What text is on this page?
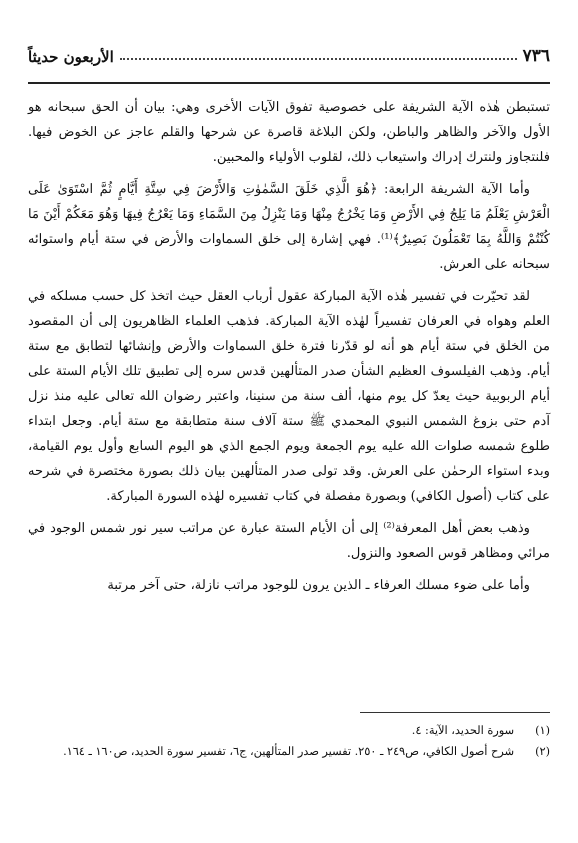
٧٣٦
الأربعون حديثاً

تستبطن هٰذه الآية الشريفة على خصوصية تفوق الآيات الأخرى وهي: بيان أن الحق سبحانه هو الأول والآخر والظاهر والباطن، ولكن البلاغة قاصرة عن شرحها والقلم عاجز عن الخوض فيها. فلنتجاوز ولنترك إدراك واستيعاب ذلك، لقلوب الأولياء والمحبين.

وأما الآية الشريفة الرابعة: ﴿هُوَ الَّذِي خَلَقَ السَّمٰوٰتِ وَالأَرْضَ فِي سِتَّةِ أَيَّامٍ ثُمَّ اسْتَوَىٰ عَلَى الْعَرْشِ يَعْلَمُ مَا يَلِجُ فِي الأَرْضِ وَمَا يَخْرُجُ مِنْهَا وَمَا يَنْزِلُ مِنَ السَّمَاءِ وَمَا يَعْرُجُ فِيهَا وَهُوَ مَعَكُمْ أَيْنَ مَا كُنْتُمْ وَاللَّهُ بِمَا تَعْمَلُونَ بَصِيرٌ﴾⁽¹⁾. فهي إشارة إلى خلق السماوات والأرض في ستة أيام واستوائه سبحانه على العرش.

لقد تحيّرت في تفسير هٰذه الآية المباركة عقول أرباب العقل حيث اتخذ كل حسب مسلكه في العلم وهواه في العرفان تفسيراً لهٰذه الآية المباركة. فذهب العلماء الظاهريون إلى أن المقصود من الخلق في ستة أيام هو أنه لو قدّرنا فترة خلق السماوات والأرض وإنشائها لتطابق مع ستة أيام. وذهب الفيلسوف العظيم الشأن صدر المتألهين قدس سره إلى تطبيق تلك الأيام الستة على أيام الربوبية حيث يعدّ كل يوم منها، ألف سنة من سنينا، واعتبر رضوان الله تعالى عليه منذ نزل آدم حتى بزوغ الشمس النبوي المحمدي ﷺ ستة آلاف سنة متطابقة مع ستة أيام. وجعل ابتداء طلوع شمسه صلوات الله عليه يوم الجمعة ويوم الجمع الذي هو اليوم السابع وأول يوم القيامة، وبدء استواء الرحمٰن على العرش. وقد تولى صدر المتألهين بيان ذلك بصورة مختصرة في شرحه على كتاب (أصول الكافي) وبصورة مفصلة في كتاب تفسيره لهٰذه السورة المباركة.

وذهب بعض أهل المعرفة⁽²⁾ إلى أن الأيام الستة عبارة عن مراتب سير نور شمس الوجود في مرائي ومظاهر قوس الصعود والنزول.

وأما على ضوء مسلك العرفاء ـ الذين يرون للوجود مراتب نازلة، حتى آخر مرتبة

(١)
سورة الحديد، الآية: ٤.
(٢)
شرح أصول الكافي، ص٢٤٩ ـ ٢٥٠. تفسير صدر المتألهين، ج٦، تفسير سورة الحديد، ص١٦٠ ـ ١٦٤.
